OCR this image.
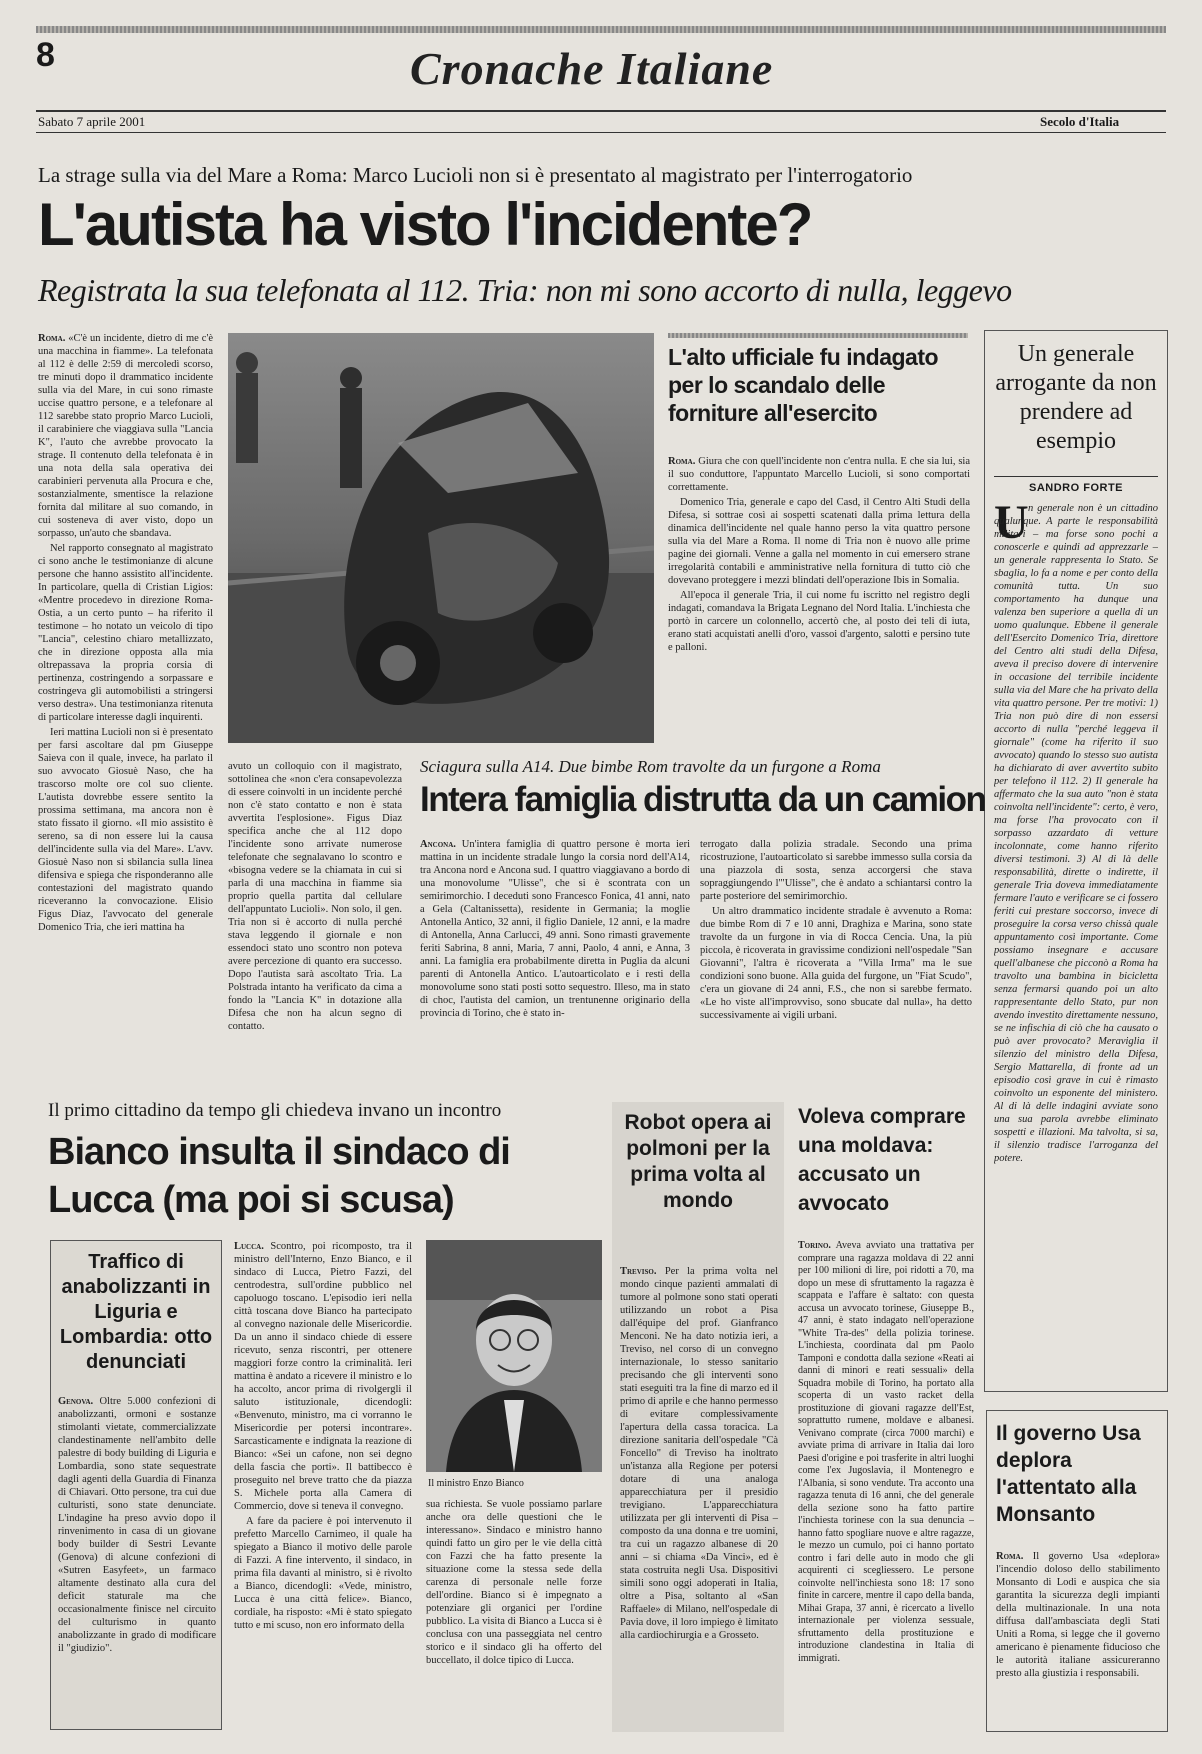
8	Cronache Italiane
Sabato 7 aprile 2001	Secolo d'Italia
La strage sulla via del Mare a Roma: Marco Lucioli non si è presentato al magistrato per l'interrogatorio
L'autista ha visto l'incidente?
Registrata la sua telefonata al 112. Tria: non mi sono accorto di nulla, leggevo

Roma. «C'è un incidente, dietro di me c'è una macchina in fiamme». La telefonata al 112 è delle 2:59 di mercoledì scorso, tre minuti dopo il drammatico incidente sulla via del Mare, in cui sono rimaste uccise quattro persone, e a telefonare al 112 sarebbe stato proprio Marco Lucioli, il carabiniere che viaggiava sulla "Lancia K", l'auto che avrebbe provocato la strage. Il contenuto della telefonata è in una nota della sala operativa dei carabinieri pervenuta alla Procura e che, sostanzialmente, smentisce la relazione fornita dal militare al suo comando, in cui sosteneva di aver visto, dopo un sorpasso, un'auto che sbandava.

Nel rapporto consegnato al magistrato ci sono anche le testimonianze di alcune persone che hanno assistito all'incidente. In particolare, quella di Cristian Ligios: «Mentre procedevo in direzione Roma-Ostia, a un certo punto – ha riferito il testimone – ho notato un veicolo di tipo "Lancia", celestino chiaro metallizzato, che in direzione opposta alla mia oltrepassava la propria corsia di pertinenza, costringendo a sorpassare e costringeva gli automobilisti a stringersi verso destra». Una testimonianza ritenuta di particolare interesse dagli inquirenti.

Ieri mattina Lucioli non si è presentato per farsi ascoltare dal pm Giuseppe Saieva con il quale, invece, ha parlato il suo avvocato Giosuè Naso, che ha trascorso molte ore col suo cliente. L'autista dovrebbe essere sentito la prossima settimana, ma ancora non è stato fissato il giorno. «Il mio assistito è sereno, sa di non essere lui la causa dell'incidente sulla via del Mare». L'avv. Giosuè Naso non si sbilancia sulla linea difensiva e spiega che risponderanno alle contestazioni del magistrato quando riceveranno la convocazione. Elisio Figus Diaz, l'avvocato del generale Domenico Tria, che ieri mattina ha

avuto un colloquio con il magistrato, sottolinea che «non c'era consapevolezza di essere coinvolti in un incidente perché non c'è stato contatto e non è stata avvertita l'esplosione». Figus Diaz specifica anche che al 112 dopo l'incidente sono arrivate numerose telefonate che segnalavano lo scontro e «bisogna vedere se la chiamata in cui si parla di una macchina in fiamme sia proprio quella partita dal cellulare dell'appuntato Lucioli». Non solo, il gen. Tria non si è accorto di nulla perché stava leggendo il giornale e non essendoci stato uno scontro non poteva avere percezione di quanto era successo. Dopo l'autista sarà ascoltato Tria. La Polstrada intanto ha verificato da cima a fondo la "Lancia K" in dotazione alla Difesa che non ha alcun segno di contatto.

L'alto ufficiale fu indagato per lo scandalo delle forniture all'esercito

Roma. Giura che con quell'incidente non c'entra nulla. E che sia lui, sia il suo conduttore, l'appuntato Marcello Lucioli, si sono comportati correttamente.

Domenico Tria, generale e capo del Casd, il Centro Alti Studi della Difesa, si sottrae così ai sospetti scatenati dalla prima lettura della dinamica dell'incidente nel quale hanno perso la vita quattro persone sulla via del Mare a Roma. Il nome di Tria non è nuovo alle prime pagine dei giornali. Venne a galla nel momento in cui emersero strane irregolarità contabili e amministrative nella fornitura di tutto ciò che dovevano proteggere i mezzi blindati dell'operazione Ibis in Somalia.

All'epoca il generale Tria, il cui nome fu iscritto nel registro degli indagati, comandava la Brigata Legnano del Nord Italia. L'inchiesta che portò in carcere un colonnello, accertò che, al posto dei teli di iuta, erano stati acquistati anelli d'oro, vassoi d'argento, salotti e persino tute e palloni.

Un generale arrogante da non prendere ad esempio
SANDRO FORTE
U n generale non è un cittadino qualunque. A parte le responsabilità militari – ma forse sono pochi a conoscerle e quindi ad apprezzarle – un generale rappresenta lo Stato. Se sbaglia, lo fa a nome e per conto della comunità tutta. Un suo comportamento ha dunque una valenza ben superiore a quella di un uomo qualunque. Ebbene il generale dell'Esercito Domenico Tria, direttore del Centro alti studi della Difesa, aveva il preciso dovere di intervenire in occasione del terribile incidente sulla via del Mare che ha privato della vita quattro persone. Per tre motivi: 1) Tria non può dire di non essersi accorto di nulla "perché leggeva il giornale" (come ha riferito il suo avvocato) quando lo stesso suo autista ha dichiarato di aver avvertito subito per telefono il 112. 2) Il generale ha affermato che la sua auto "non è stata coinvolta nell'incidente": certo, è vero, ma forse l'ha provocato con il sorpasso azzardato di vetture incolonnate, come hanno riferito diversi testimoni. 3) Al di là delle responsabilità, dirette o indirette, il generale Tria doveva immediatamente fermare l'auto e verificare se ci fossero feriti cui prestare soccorso, invece di proseguire la corsa verso chissà quale appuntamento così importante. Come possiamo insegnare e accusare quell'albanese che picconò a Roma ha travolto una bambina in bicicletta senza fermarsi quando poi un alto rappresentante dello Stato, pur non avendo investito direttamente nessuno, se ne infischia di ciò che ha causato o può aver provocato? Meraviglia il silenzio del ministro della Difesa, Sergio Mattarella, di fronte ad un episodio così grave in cui è rimasto coinvolto un esponente del ministero. Al di là delle indagini avviate sono una sua parola avrebbe eliminato sospetti e illazioni. Ma talvolta, si sa, il silenzio tradisce l'arroganza del potere.

Sciagura sulla A14. Due bimbe Rom travolte da un furgone a Roma
Intera famiglia distrutta da un camion

Ancona. Un'intera famiglia di quattro persone è morta ieri mattina in un incidente stradale lungo la corsia nord dell'A14, tra Ancona nord e Ancona sud. I quattro viaggiavano a bordo di una monovolume "Ulisse", che si è scontrata con un semirimorchio. I deceduti sono Francesco Fonica, 41 anni, nato a Gela (Caltanissetta), residente in Germania; la moglie Antonella Antico, 32 anni, il figlio Daniele, 12 anni, e la madre di Antonella, Anna Carlucci, 49 anni. Sono rimasti gravemente feriti Sabrina, 8 anni, Maria, 7 anni, Paolo, 4 anni, e Anna, 3 anni. La famiglia era probabilmente diretta in Puglia da alcuni parenti di Antonella Antico. L'autoarticolato e i resti della monovolume sono stati posti sotto sequestro. Illeso, ma in stato di choc, l'autista del camion, un trentunenne originario della provincia di Torino, che è stato in-

terrogato dalla polizia stradale. Secondo una prima ricostruzione, l'autoarticolato si sarebbe immesso sulla corsia da una piazzola di sosta, senza accorgersi che stava sopraggiungendo l'"Ulisse", che è andato a schiantarsi contro la parte posteriore del semirimorchio.

Un altro drammatico incidente stradale è avvenuto a Roma: due bimbe Rom di 7 e 10 anni, Draghiza e Marina, sono state travolte da un furgone in via di Rocca Cencia. Una, la più piccola, è ricoverata in gravissime condizioni nell'ospedale "San Giovanni", l'altra è ricoverata a "Villa Irma" ma le sue condizioni sono buone. Alla guida del furgone, un "Fiat Scudo", c'era un giovane di 24 anni, F.S., che non si sarebbe fermato. «Le ho viste all'improvviso, sono sbucate dal nulla», ha detto successivamente ai vigili urbani.

Il primo cittadino da tempo gli chiedeva invano un incontro
Bianco insulta il sindaco di Lucca (ma poi si scusa)
Traffico di anabolizzanti in Liguria e Lombardia: otto denunciati

Genova. Oltre 5.000 confezioni di anabolizzanti, ormoni e sostanze stimolanti vietate, commercializzate clandestinamente nell'ambito delle palestre di body building di Liguria e Lombardia, sono state sequestrate dagli agenti della Guardia di Finanza di Chiavari. Otto persone, tra cui due culturisti, sono state denunciate. L'indagine ha preso avvio dopo il rinvenimento in casa di un giovane body builder di Sestri Levante (Genova) di alcune confezioni di «Sutren Easyfeet», un farmaco altamente destinato alla cura del deficit staturale ma che occasionalmente finisce nel circuito del culturismo in quanto anabolizzante in grado di modificare il "giudizio".

Lucca. Scontro, poi ricomposto, tra il ministro dell'Interno, Enzo Bianco, e il sindaco di Lucca, Pietro Fazzi, del centrodestra, sull'ordine pubblico nel capoluogo toscano. L'episodio ieri nella città toscana dove Bianco ha partecipato al convegno nazionale delle Misericordie. Da un anno il sindaco chiede di essere ricevuto, senza riscontri, per ottenere maggiori forze contro la criminalità. Ieri mattina è andato a ricevere il ministro e lo ha accolto, ancor prima di rivolgergli il saluto istituzionale, dicendogli: «Benvenuto, ministro, ma ci vorranno le Misericordie per potersi incontrare». Sarcasticamente e indignata la reazione di Bianco: «Sei un cafone, non sei degno della fascia che porti». Il battibecco è proseguito nel breve tratto che da piazza S. Michele porta alla Camera di Commercio, dove si teneva il convegno.

A fare da paciere è poi intervenuto il prefetto Marcello Carnimeo, il quale ha spiegato a Bianco il motivo delle parole di Fazzi. A fine intervento, il sindaco, in prima fila davanti al ministro, si è rivolto a Bianco, dicendogli: «Vede, ministro, Lucca è una città felice». Bianco, cordiale, ha risposto: «Mi è stato spiegato tutto e mi scuso, non ero informato della

Il ministro Enzo Bianco

sua richiesta. Se vuole possiamo parlare anche ora delle questioni che le interessano». Sindaco e ministro hanno quindi fatto un giro per le vie della città con Fazzi che ha fatto presente la situazione come la stessa sede della carenza di personale nelle forze dell'ordine. Bianco si è impegnato a potenziare gli organici per l'ordine pubblico. La visita di Bianco a Lucca si è conclusa con una passeggiata nel centro storico e il sindaco gli ha offerto del buccellato, il dolce tipico di Lucca.

Robot opera ai polmoni per la prima volta al mondo

Treviso. Per la prima volta nel mondo cinque pazienti ammalati di tumore al polmone sono stati operati utilizzando un robot a Pisa dall'équipe del prof. Gianfranco Menconi. Ne ha dato notizia ieri, a Treviso, nel corso di un convegno internazionale, lo stesso sanitario precisando che gli interventi sono stati eseguiti tra la fine di marzo ed il primo di aprile e che hanno permesso di evitare complessivamente l'apertura della cassa toracica. La direzione sanitaria dell'ospedale "Cà Foncello" di Treviso ha inoltrato un'istanza alla Regione per potersi dotare di una analoga apparecchiatura per il presidio trevigiano. L'apparecchiatura utilizzata per gli interventi di Pisa – composto da una donna e tre uomini, tra cui un ragazzo albanese di 20 anni – si chiama «Da Vinci», ed è stata costruita negli Usa. Dispositivi simili sono oggi adoperati in Italia, oltre a Pisa, soltanto al «San Raffaele» di Milano, nell'ospedale di Pavia dove, il loro impiego è limitato alla cardiochirurgia e a Grosseto.

Voleva comprare una moldava: accusato un avvocato

Torino. Aveva avviato una trattativa per comprare una ragazza moldava di 22 anni per 100 milioni di lire, poi ridotti a 70, ma dopo un mese di sfruttamento la ragazza è scappata e l'affare è saltato: con questa accusa un avvocato torinese, Giuseppe B., 47 anni, è stato indagato nell'operazione "White Tra-des" della polizia torinese. L'inchiesta, coordinata dal pm Paolo Tamponi e condotta dalla sezione «Reati ai danni di minori e reati sessuali» della Squadra mobile di Torino, ha portato alla scoperta di un vasto racket della prostituzione di giovani ragazze dell'Est, soprattutto rumene, moldave e albanesi. Venivano comprate (circa 7000 marchi) e avviate prima di arrivare in Italia dai loro Paesi d'origine e poi trasferite in altri luoghi come l'ex Jugoslavia, il Montenegro e l'Albania, si sono vendute. Tra acconto una ragazza tenuta di 16 anni, che del generale della sezione sono ha fatto partire l'inchiesta torinese con la sua denuncia – hanno fatto spogliare nuove e altre ragazze, le mezzo un cumulo, poi ci hanno portato contro i fari delle auto in modo che gli acquirenti ci scegliessero. Le persone coinvolte nell'inchiesta sono 18: 17 sono finite in carcere, mentre il capo della banda, Mihai Grapa, 37 anni, è ricercato a livello internazionale per violenza sessuale, sfruttamento della prostituzione e introduzione clandestina in Italia di immigrati.

Il governo Usa deplora l'attentato alla Monsanto

Roma. Il governo Usa «deplora» l'incendio doloso dello stabilimento Monsanto di Lodi e auspica che sia garantita la sicurezza degli impianti della multinazionale. In una nota diffusa dall'ambasciata degli Stati Uniti a Roma, si legge che il governo americano è pienamente fiducioso che le autorità italiane assicureranno presto alla giustizia i responsabili.
